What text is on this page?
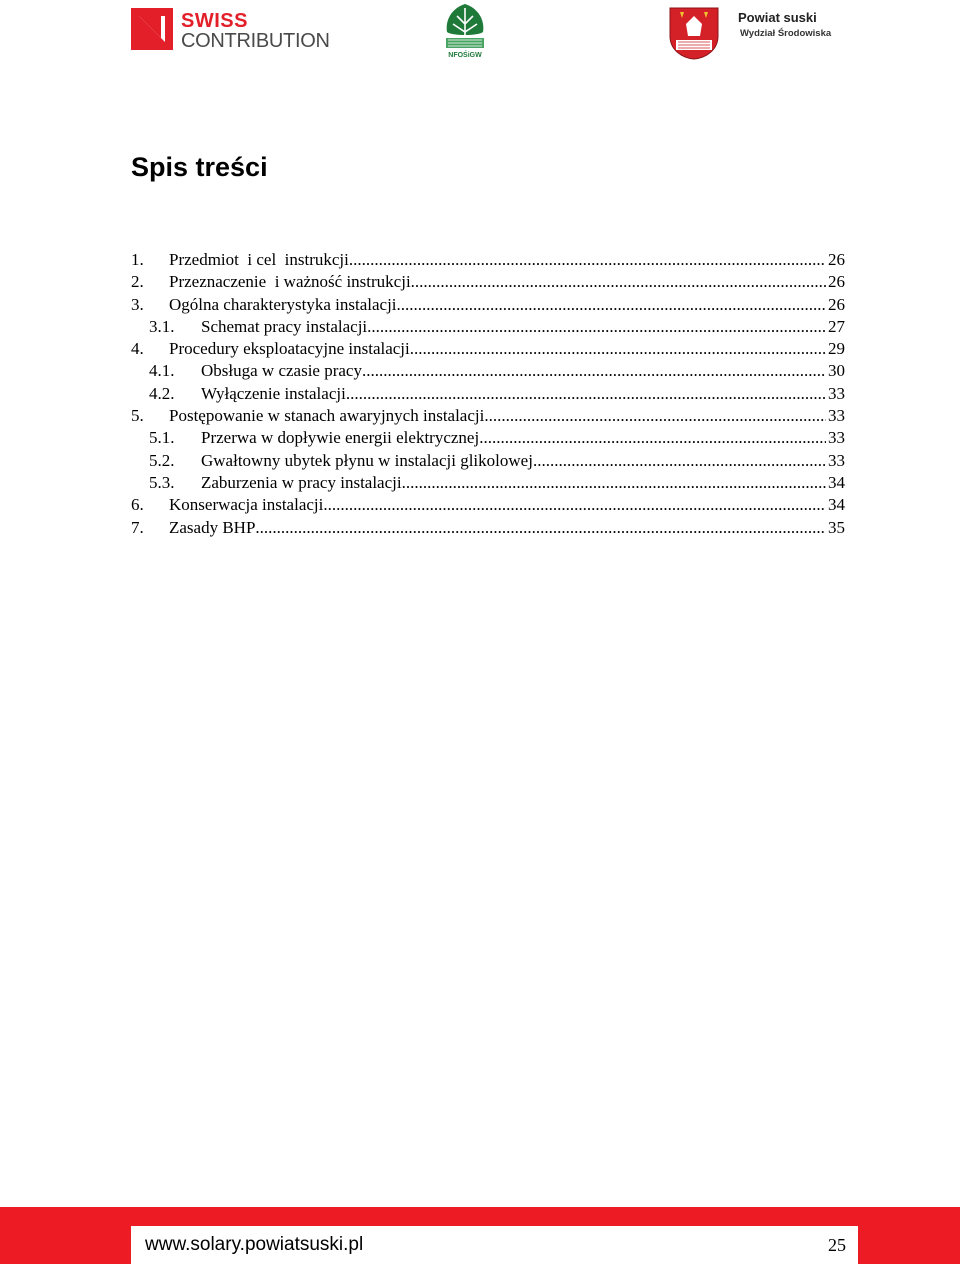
SWISS
CONTRIBUTION
NFOŚiGW
Powiat suski
Wydział Środowiska
Spis treści
1.	Przedmiot  i cel  instrukcji .....	26
2.	Przeznaczenie  i ważność instrukcji .....	26
3.	Ogólna charakterystyka instalacji .....	26
3.1.	Schemat pracy instalacji .....	27
4.	Procedury eksploatacyjne instalacji .....	29
4.1.	Obsługa w czasie pracy .....	30
4.2.	Wyłączenie instalacji .....	33
5.	Postępowanie w stanach awaryjnych instalacji .....	33
5.1.	Przerwa w dopływie energii elektrycznej .....	33
5.2.	Gwałtowny ubytek płynu w instalacji glikolowej .....	33
5.3.	Zaburzenia w pracy instalacji .....	34
6.	Konserwacja instalacji .....	34
7.	Zasady BHP .....	35
www.solary.powiatsuski.pl	25
